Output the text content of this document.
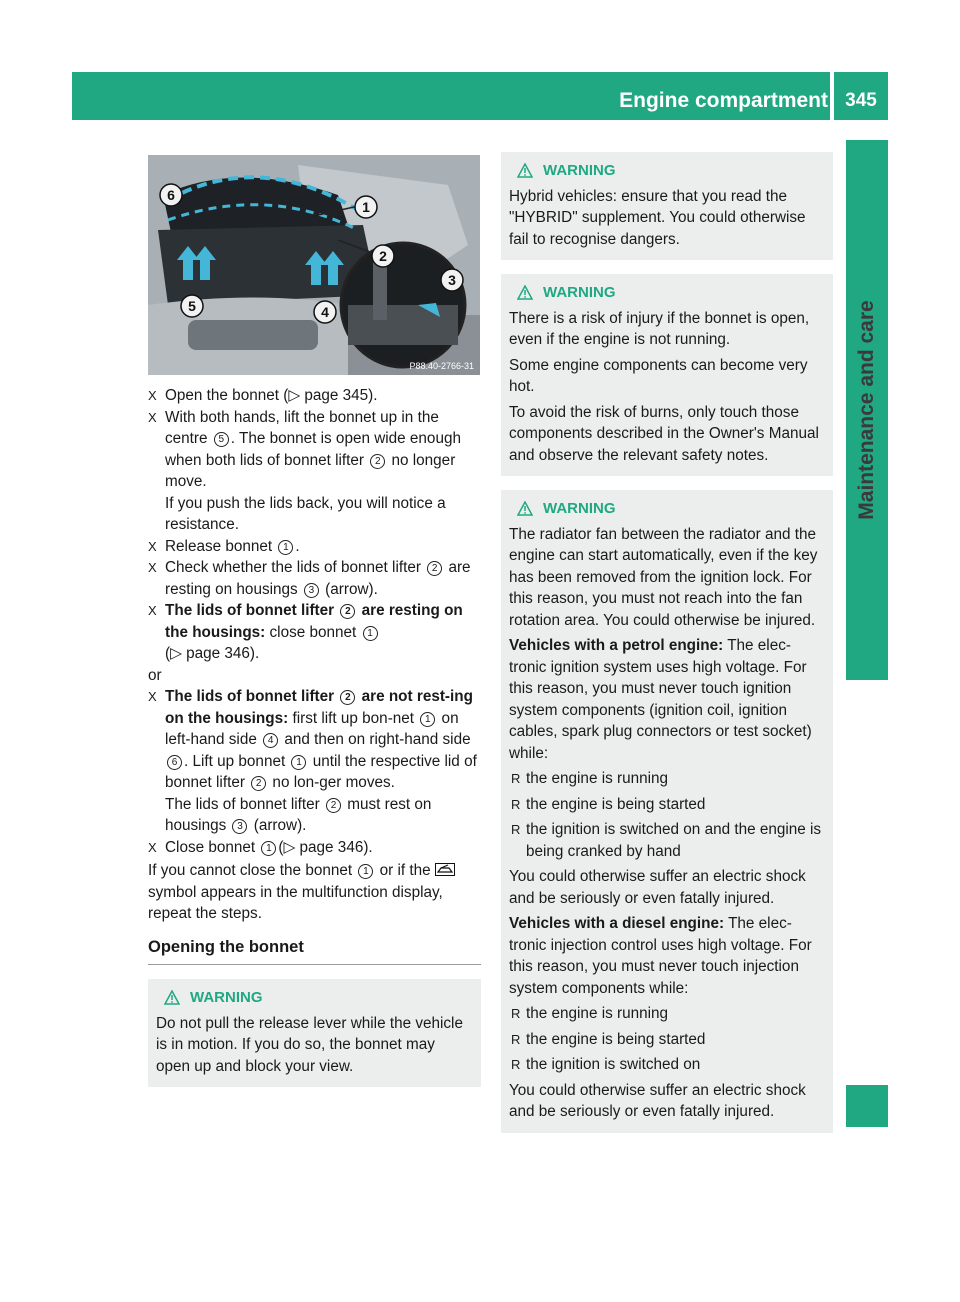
Engine compartment 345
Maintenance and care
1
2
3
4
5
6
P88.40-2766-31
X Open the bonnet (▷ page 345).
X With both hands, lift the bonnet up in the centre 5 . The bonnet is open wide enough when both lids of bonnet lifter 2 no longer move.
If you push the lids back, you will notice a resistance.
X Release bonnet 1 .
X Check whether the lids of bonnet lifter 2 are resting on housings 3 (arrow).
X The lids of bonnet lifter 2 are resting on the housings: close bonnet 1
(▷ page 346).
or
X The lids of bonnet lifter 2 are not rest-ing on the housings: first lift up bon-net 1 on left-hand side 4 and then on right-hand side 6 . Lift up bonnet 1 until the respective lid of bonnet lifter 2 no lon-ger moves.
The lids of bonnet lifter 2 must rest on housings 3 (arrow).
X Close bonnet 1 (▷ page 346).
If you cannot close the bonnet 1 or if the  symbol appears in the multifunction display, repeat the steps.
Opening the bonnet
WARNING
Do not pull the release lever while the vehicle is in motion. If you do so, the bonnet may open up and block your view.
WARNING
Hybrid vehicles: ensure that you read the "HYBRID" supplement. You could otherwise fail to recognise dangers.
WARNING
There is a risk of injury if the bonnet is open, even if the engine is not running.
Some engine components can become very hot.
To avoid the risk of burns, only touch those components described in the Owner's Manual and observe the relevant safety notes.
WARNING
The radiator fan between the radiator and the engine can start automatically, even if the key has been removed from the ignition lock. For this reason, you must not reach into the fan rotation area. You could otherwise be injured.
Vehicles with a petrol engine: The elec-tronic ignition system uses high voltage. For this reason, you must never touch ignition system components (ignition coil, ignition cables, spark plug connectors or test socket) while:
R the engine is running
R the engine is being started
R the ignition is switched on and the engine is being cranked by hand
You could otherwise suffer an electric shock and be seriously or even fatally injured.
Vehicles with a diesel engine: The elec-tronic injection control uses high voltage. For this reason, you must never touch injection system components while:
R the engine is running
R the engine is being started
R the ignition is switched on
You could otherwise suffer an electric shock and be seriously or even fatally injured.
